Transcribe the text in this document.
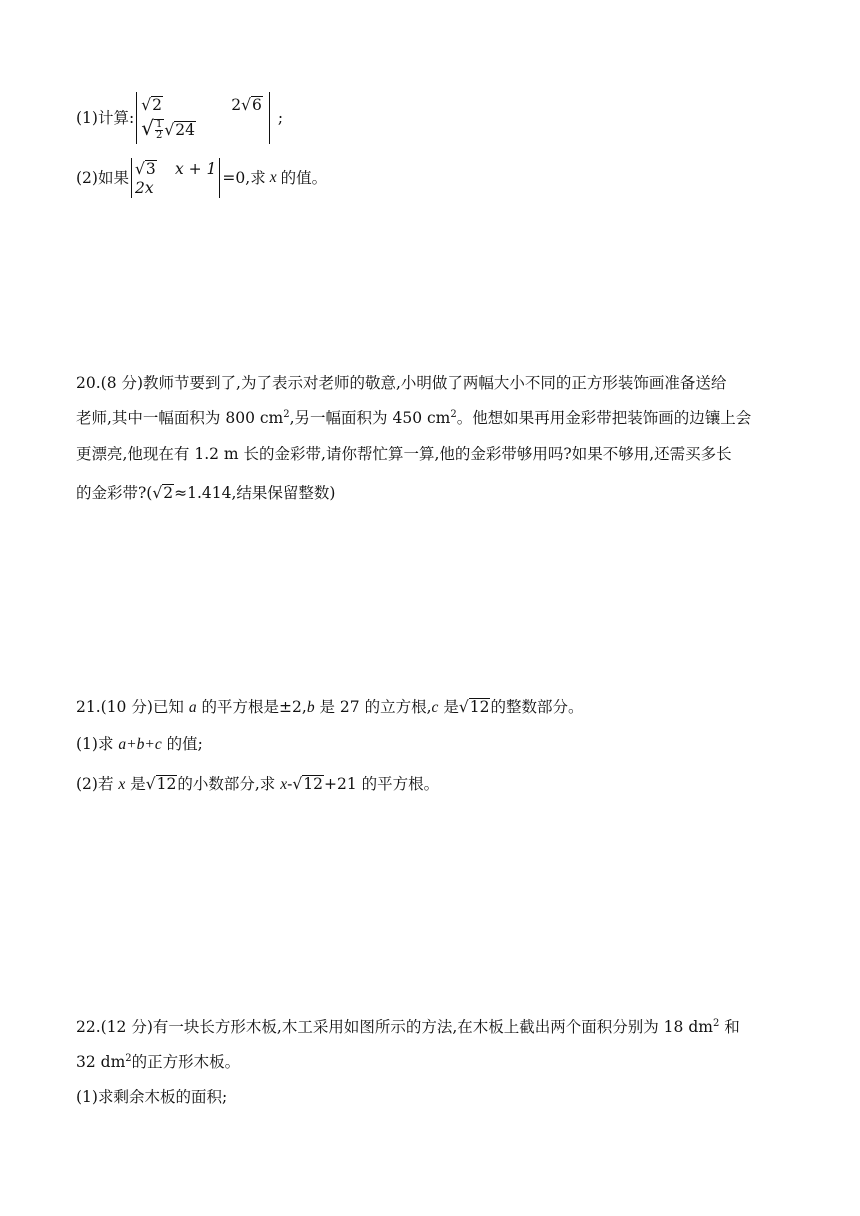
(1)计算:
√2	2√6
√ $\frac{1}{2} √24$
;
(2)如果
√3	x + 1
2x
=0,求 x 的值。
20.(8 分)教师节要到了,为了表示对老师的敬意,小明做了两幅大小不同的正方形装饰画准备送给
老师,其中一幅面积为 800 $cm^2$,另一幅面积为 450 $cm^2$。他想如果再用金彩带把装饰画的边镶上会
更漂亮,他现在有 1.2 m 长的金彩带,请你帮忙算一算,他的金彩带够用吗?如果不够用,还需买多长
的金彩带?(√2≈1.414,结果保留整数)
21.(10 分)已知 a 的平方根是±2,b 是 27 的立方根,c 是√12的整数部分。
(1)求 a+b+c 的值;
(2)若 x 是√12的小数部分,求 x-√12+21 的平方根。
22.(12 分)有一块长方形木板,木工采用如图所示的方法,在木板上截出两个面积分别为 18 $dm^2$ 和
32 $dm^2$的正方形木板。
(1)求剩余木板的面积;
